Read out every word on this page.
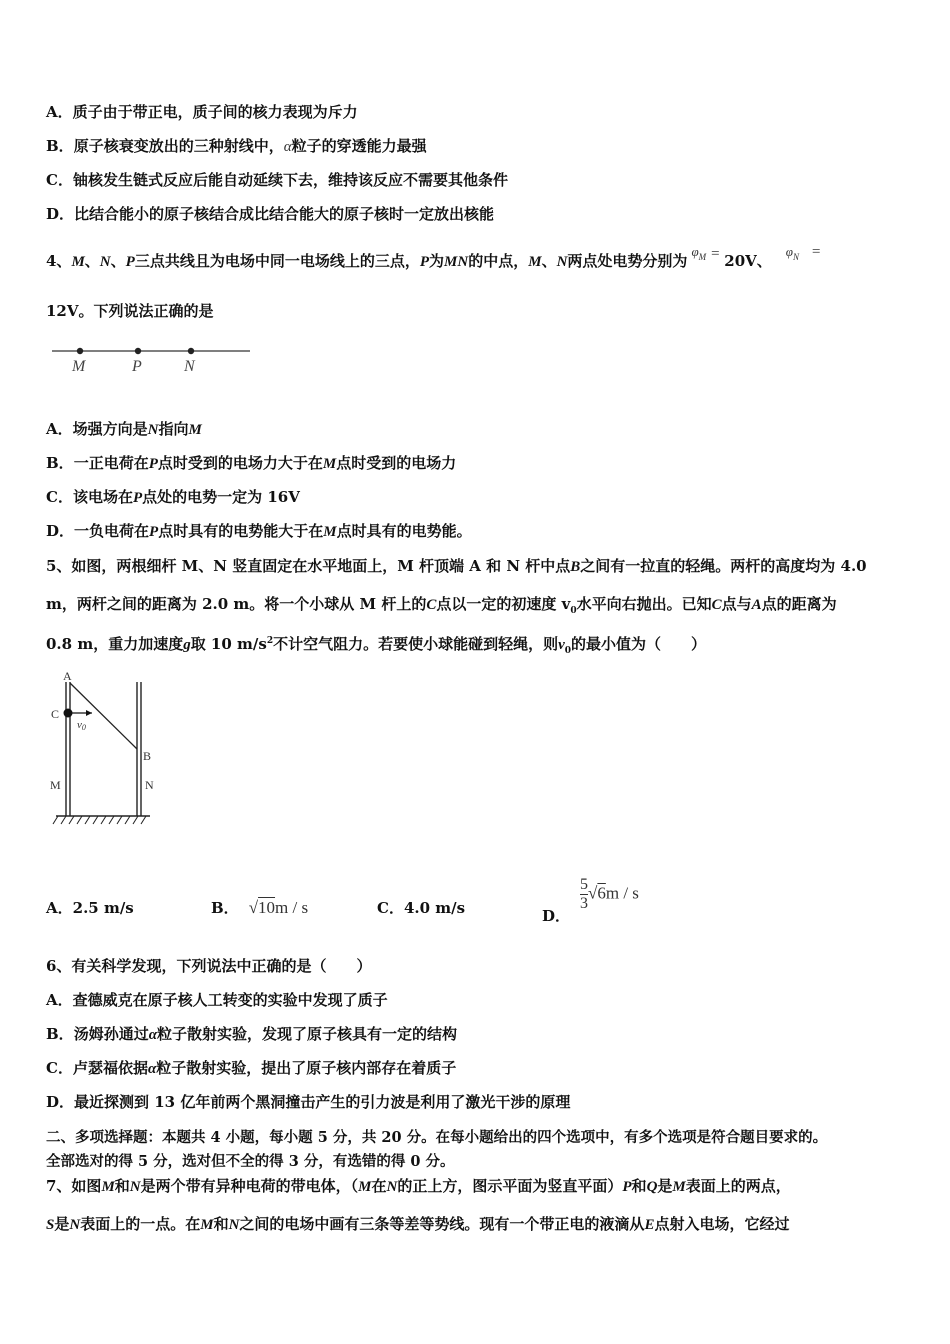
A．质子由于带正电，质子间的核力表现为斥力
B．原子核衰变放出的三种射线中，α粒子的穿透能力最强
C．铀核发生链式反应后能自动延续下去，维持该反应不需要其他条件
D．比结合能小的原子核结合成比结合能大的原子核时一定放出核能
4、M、N、P三点共线且为电场中同一电场线上的三点，P为MN的中点，M、N两点处电势分别为$\varphi_M = 20V$、$\varphi_N$ =
12V。下列说法正确的是
M	P	N
A．场强方向是N指向M
B．一正电荷在P点时受到的电场力大于在M点时受到的电场力
C．该电场在P点处的电势一定为 16V
D．一负电荷在P点时具有的电势能大于在M点时具有的电势能。
5、如图，两根细杆 M、N 竖直固定在水平地面上，M 杆顶端 A 和 N 杆中点B之间有一拉直的轻绳。两杆的高度均为 4.0
m，两杆之间的距离为 2.0 m。将一个小球从 M 杆上的C点以一定的初速度 $v_0$水平向右抛出。已知C点与A点的距离为
0.8 m，重力加速度g取 10 $m/s^2$不计空气阻力。若要使小球能碰到轻绳，则$v_0$的最小值为（　　）
A
C
v0
B
M	N
A．2.5 m/s	B． √10m / s	C．4.0 m/s	D．
$\frac{5}{3} √6m$ / s
6、有关科学发现，下列说法中正确的是（　　）
A．查德威克在原子核人工转变的实验中发现了质子
B．汤姆孙通过α粒子散射实验，发现了原子核具有一定的结构
C．卢瑟福依据α粒子散射实验，提出了原子核内部存在着质子
D．最近探测到 13 亿年前两个黑洞撞击产生的引力波是利用了激光干涉的原理
二、多项选择题：本题共 4 小题，每小题 5 分，共 20 分。在每小题给出的四个选项中，有多个选项是符合题目要求的。
全部选对的得 5 分，选对但不全的得 3 分，有选错的得 0 分。
7、如图M和N是两个带有异种电荷的带电体，（M在N的正上方，图示平面为竖直平面）P和Q是M表面上的两点，
S是N表面上的一点。在M和N之间的电场中画有三条等差等势线。现有一个带正电的液滴从E点射入电场，它经过
